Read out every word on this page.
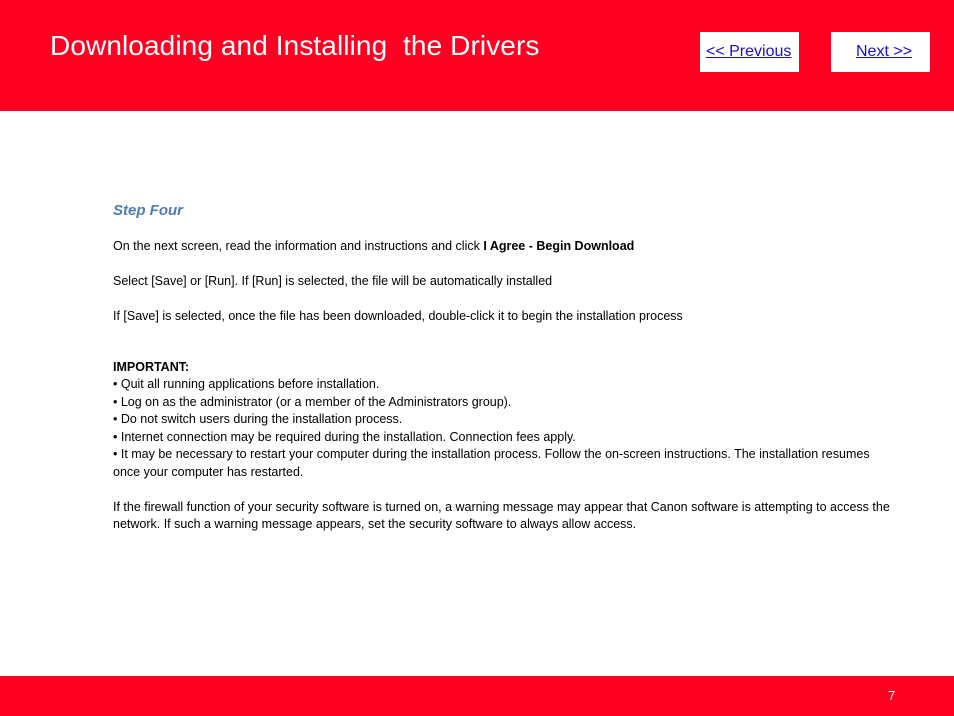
Downloading and Installing  the Drivers	<< Previous	Next >>

Step Four

On the next screen, read the information and instructions and click I Agree - Begin Download

Select [Save] or [Run]. If [Run] is selected, the file will be automatically installed

If [Save] is selected, once the file has been downloaded, double-click it to begin the installation process

IMPORTANT:

• Quit all running applications before installation.

• Log on as the administrator (or a member of the Administrators group).

• Do not switch users during the installation process.

• Internet connection may be required during the installation. Connection fees apply.

• It may be necessary to restart your computer during the installation process. Follow the on-screen instructions. The installation resumes once your computer has restarted.

If the firewall function of your security software is turned on, a warning message may appear that Canon software is attempting to access the network. If such a warning message appears, set the security software to always allow access.

7
